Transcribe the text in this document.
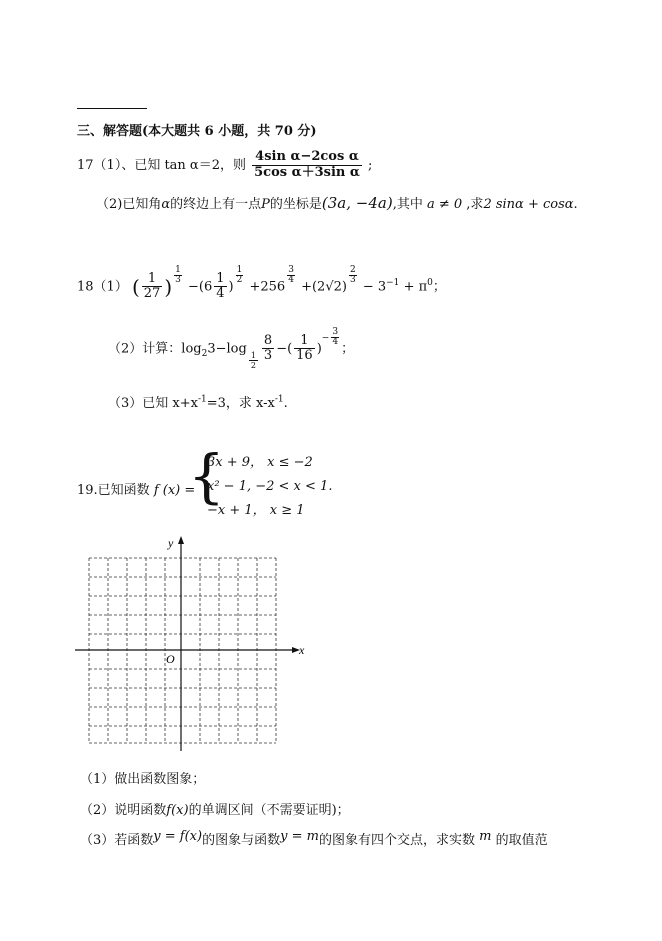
三、解答题(本大题共 6 小题，共 70 分)
17（1）、已知 tan α＝2，则 $\frac{\text{4sin α−2cos α}}{\text{5cos α＋3sin α}}$ ;
（2)已知角α的终边上有一点P的坐标是(3a, −4a),其中 a ≠ 0 ,求2 sinα + cosα.
18（1） ( $\frac{1}{27}$ ) $\frac{1}{3}$
$-(6 \frac{1}{4}$ )
$\frac{1}{2}$
+256
$\frac{3}{4}$
+(2√2)
$\frac{2}{3}$
− $3^{-1} + \pi^0$；
（2）计算：$\log_23-\log$
$\frac{1}{2} \frac{8}{3}$ −( $\frac{1}{16}$ )− $\frac{3}{4}$
；
（3）已知 $x+x^{-1}=3$，求 $x-x^{-1}$.
19.已知函数 f (x) =
{
3x + 9， x ≤ −2
x² − 1, −2 < x < 1.
−x + 1， x ≥ 1
x
y
O
（1）做出函数图象；
（2）说明函数f(x)的单调区间（不需要证明)；
（3）若函数y = f(x)的图象与函数y = m的图象有四个交点，求实数 m 的取值范
